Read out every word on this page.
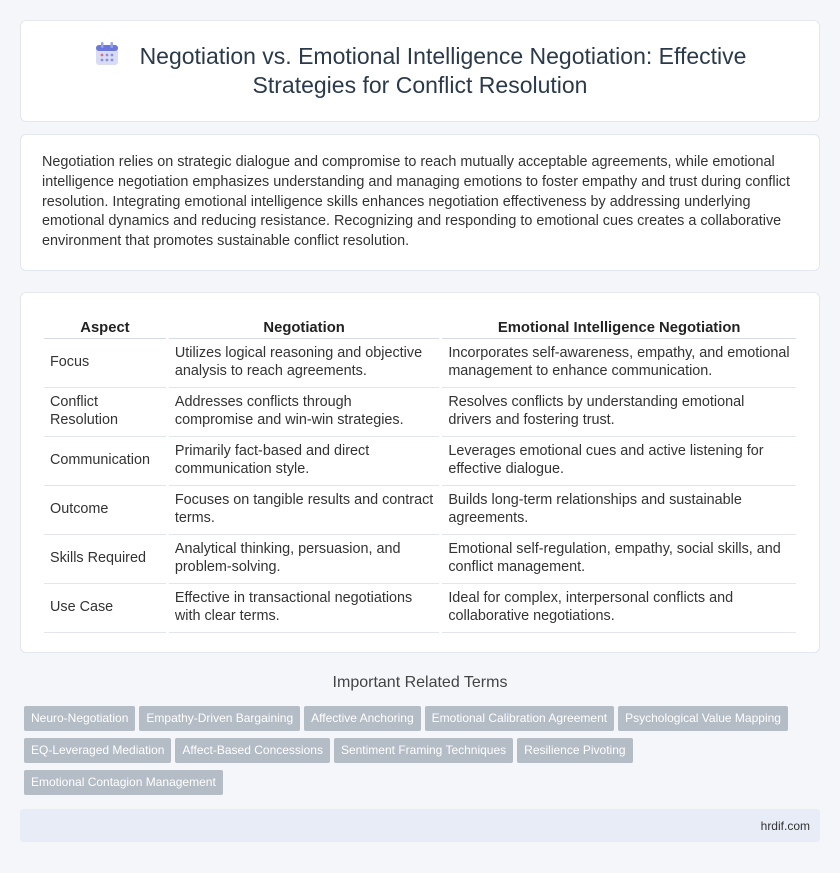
Negotiation vs. Emotional Intelligence Negotiation: Effective
Strategies for Conflict Resolution

Negotiation relies on strategic dialogue and compromise to reach mutually acceptable agreements, while emotional intelligence negotiation emphasizes understanding and managing emotions to foster empathy and trust during conflict resolution. Integrating emotional intelligence skills enhances negotiation effectiveness by addressing underlying emotional dynamics and reducing resistance. Recognizing and responding to emotional cues creates a collaborative environment that promotes sustainable conflict resolution.

Aspect	Negotiation	Emotional Intelligence Negotiation
Focus	Utilizes logical reasoning and objective analysis to reach agreements.	Incorporates self-awareness, empathy, and emotional management to enhance communication.
Conflict Resolution	Addresses conflicts through compromise and win-win strategies.	Resolves conflicts by understanding emotional drivers and fostering trust.
Communication	Primarily fact-based and direct communication style.	Leverages emotional cues and active listening for effective dialogue.
Outcome	Focuses on tangible results and contract terms.	Builds long-term relationships and sustainable agreements.
Skills Required	Analytical thinking, persuasion, and problem-solving.	Emotional self-regulation, empathy, social skills, and conflict management.
Use Case	Effective in transactional negotiations with clear terms.	Ideal for complex, interpersonal conflicts and collaborative negotiations.
Important Related Terms
Neuro-Negotiation Empathy-Driven Bargaining Affective Anchoring Emotional Calibration Agreement Psychological Value MappingEQ-Leveraged Mediation Affect-Based Concessions Sentiment Framing Techniques Resilience PivotingEmotional Contagion Management
hrdif.com
